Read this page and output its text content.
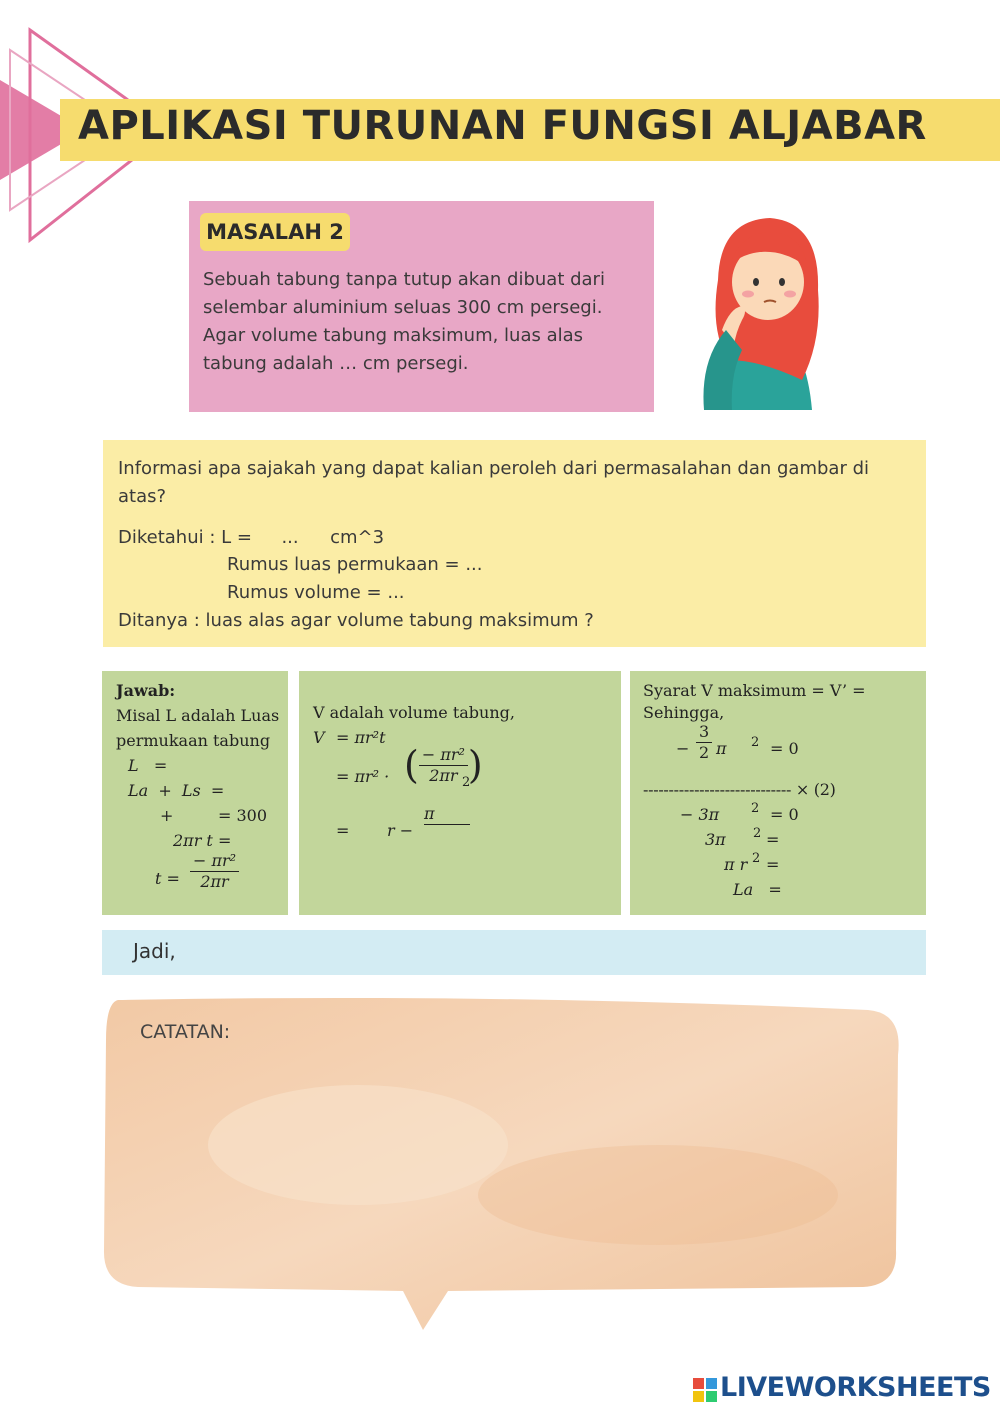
APLIKASI TURUNAN FUNGSI ALJABAR
MASALAH 2
Sebuah tabung tanpa tutup akan dibuat dari selembar aluminium seluas 300 cm persegi. Agar volume tabung maksimum, luas alas tabung adalah … cm persegi.
Informasi apa sajakah yang dapat kalian peroleh dari permasalahan dan gambar di atas?
Diketahui : L = ... cm^3
Rumus luas permukaan = ...
Rumus volume = ...
Ditanya : luas alas agar volume tabung maksimum ?
Jawab:
Misal L adalah Luas
permukaan tabung
L   =
La  +  Ls  =
+	= 300
2πr t =
$t = \frac{\text{− πr²}}{2\pi r}$
V adalah volume tabung,
V = πr²t
= πr² · ( $\frac{\text{− πr²}}{2\pi r}$ )
= r −
π
2
Syarat V maksimum = V’ =
Sehingga,
− $\frac{3}{2}$ π 2 = 0
----------------------------- × (2)
− 3π 2 = 0
3π 2 =
π r 2 =
La   =
Jadi,
CATATAN:
LIVEWORKSHEETS
